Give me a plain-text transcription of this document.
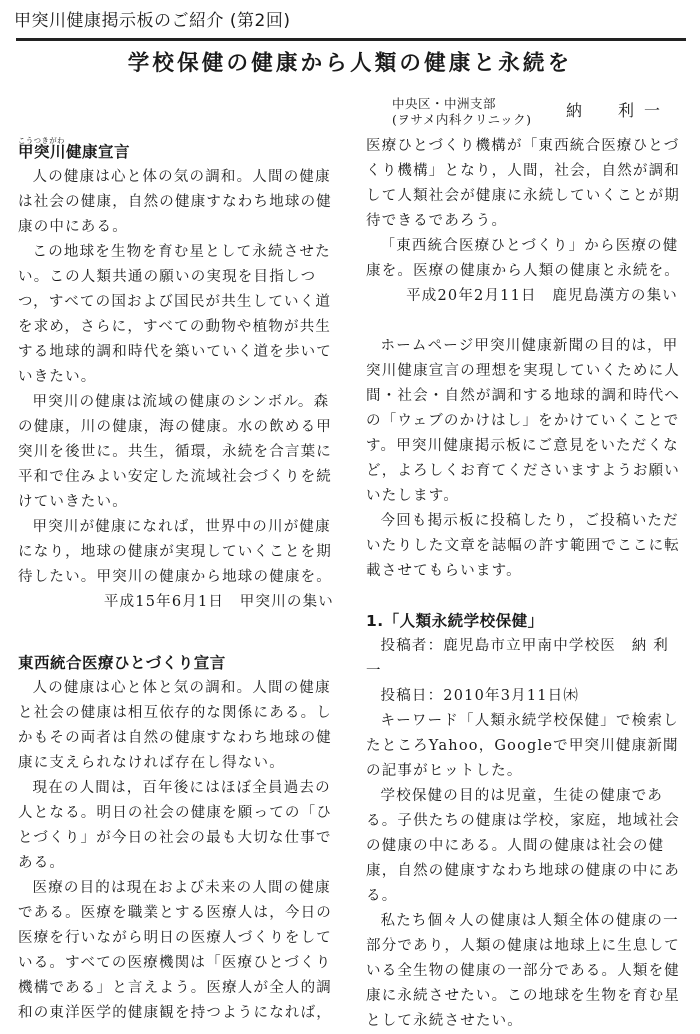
甲突川健康掲示板のご紹介 (第2回)
学校保健の健康から人類の健康と永続を
中央区・中洲支部
(ヲサメ内科クリニック) 納　利一
こうつきがわ
甲突川健康宣言

人の健康は心と体の気の調和。人間の健康は社会の健康，自然の健康すなわち地球の健康の中にある。

この地球を生物を育む星として永続させたい。この人類共通の願いの実現を目指しつつ，すべての国および国民が共生していく道を求め，さらに，すべての動物や植物が共生する地球的調和時代を築いていく道を歩いていきたい。

甲突川の健康は流域の健康のシンボル。森の健康，川の健康，海の健康。水の飲める甲突川を後世に。共生，循環，永続を合言葉に平和で住みよい安定した流域社会づくりを続けていきたい。

甲突川が健康になれば，世界中の川が健康になり，地球の健康が実現していくことを期待したい。甲突川の健康から地球の健康を。

平成15年6月1日　甲突川の集い

東西統合医療ひとづくり宣言

人の健康は心と体と気の調和。人間の健康と社会の健康は相互依存的な関係にある。しかもその両者は自然の健康すなわち地球の健康に支えられなければ存在し得ない。

現在の人間は，百年後にはほぼ全員過去の人となる。明日の社会の健康を願っての「ひとづくり」が今日の社会の最も大切な仕事である。

医療の目的は現在および未来の人間の健康である。医療を職業とする医療人は，今日の医療を行いながら明日の医療人づくりをしている。すべての医療機関は「医療ひとづくり機構である」と言えよう。医療人が全人的調和の東洋医学的健康観を持つようになれば，

医療ひとづくり機構が「東西統合医療ひとづくり機構」となり，人間，社会，自然が調和して人類社会が健康に永続していくことが期待できるであろう。

「東西統合医療ひとづくり」から医療の健康を。医療の健康から人類の健康と永続を。

平成20年2月11日　鹿児島漢方の集い

ホームページ甲突川健康新聞の目的は，甲突川健康宣言の理想を実現していくために人間・社会・自然が調和する地球的調和時代への「ウェブのかけはし」をかけていくことです。甲突川健康掲示板にご意見をいただくなど，よろしくお育てくださいますようお願いいたします。

今回も掲示板に投稿したり，ご投稿いただいたりした文章を誌幅の許す範囲でここに転載させてもらいます。

1.「人類永続学校保健」

投稿者：鹿児島市立甲南中学校医　納 利一

投稿日：2010年3月11日㈭

キーワード「人類永続学校保健」で検索したところYahoo，Googleで甲突川健康新聞の記事がヒットした。

学校保健の目的は児童，生徒の健康である。子供たちの健康は学校，家庭，地域社会の健康の中にある。人間の健康は社会の健康，自然の健康すなわち地球の健康の中にある。

私たち個々人の健康は人類全体の健康の一部分であり，人類の健康は地球上に生息している全生物の健康の一部分である。人類を健康に永続させたい。この地球を生物を育む星として永続させたい。
